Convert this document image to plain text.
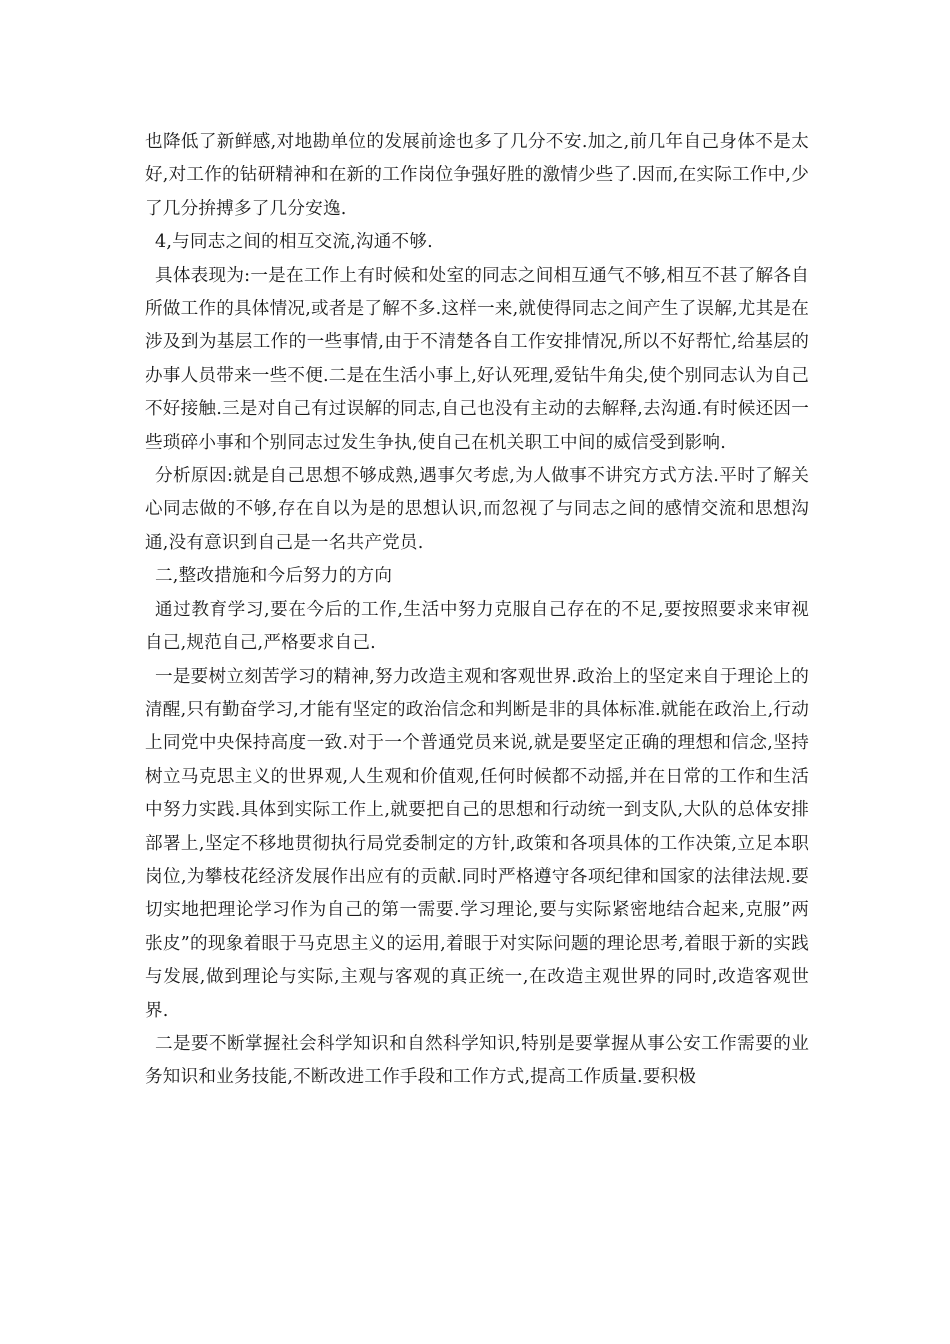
也降低了新鲜感,对地勘单位的发展前途也多了几分不安.加之,前几年自己身体不是太好,对工作的钻研精神和在新的工作岗位争强好胜的激情少些了.因而,在实际工作中,少了几分拚搏多了几分安逸.

4,与同志之间的相互交流,沟通不够.

具体表现为:一是在工作上有时候和处室的同志之间相互通气不够,相互不甚了解各自所做工作的具体情况,或者是了解不多.这样一来,就使得同志之间产生了误解,尤其是在涉及到为基层工作的一些事情,由于不清楚各自工作安排情况,所以不好帮忙,给基层的办事人员带来一些不便.二是在生活小事上,好认死理,爱钻牛角尖,使个别同志认为自己不好接触.三是对自己有过误解的同志,自己也没有主动的去解释,去沟通.有时候还因一些琐碎小事和个别同志过发生争执,使自己在机关职工中间的威信受到影响.

分析原因:就是自己思想不够成熟,遇事欠考虑,为人做事不讲究方式方法.平时了解关心同志做的不够,存在自以为是的思想认识,而忽视了与同志之间的感情交流和思想沟通,没有意识到自己是一名共产党员.

二,整改措施和今后努力的方向

通过教育学习,要在今后的工作,生活中努力克服自己存在的不足,要按照要求来审视自己,规范自己,严格要求自己.

一是要树立刻苦学习的精神,努力改造主观和客观世界.政治上的坚定来自于理论上的清醒,只有勤奋学习,才能有坚定的政治信念和判断是非的具体标准.就能在政治上,行动上同党中央保持高度一致.对于一个普通党员来说,就是要坚定正确的理想和信念,坚持树立马克思主义的世界观,人生观和价值观,任何时候都不动摇,并在日常的工作和生活中努力实践.具体到实际工作上,就要把自己的思想和行动统一到支队,大队的总体安排部署上,坚定不移地贯彻执行局党委制定的方针,政策和各项具体的工作决策,立足本职岗位,为攀枝花经济发展作出应有的贡献.同时严格遵守各项纪律和国家的法律法规.要切实地把理论学习作为自己的第一需要.学习理论,要与实际紧密地结合起来,克服”两张皮”的现象着眼于马克思主义的运用,着眼于对实际问题的理论思考,着眼于新的实践与发展,做到理论与实际,主观与客观的真正统一,在改造主观世界的同时,改造客观世界.

二是要不断掌握社会科学知识和自然科学知识,特别是要掌握从事公安工作需要的业务知识和业务技能,不断改进工作手段和工作方式,提高工作质量.要积极
